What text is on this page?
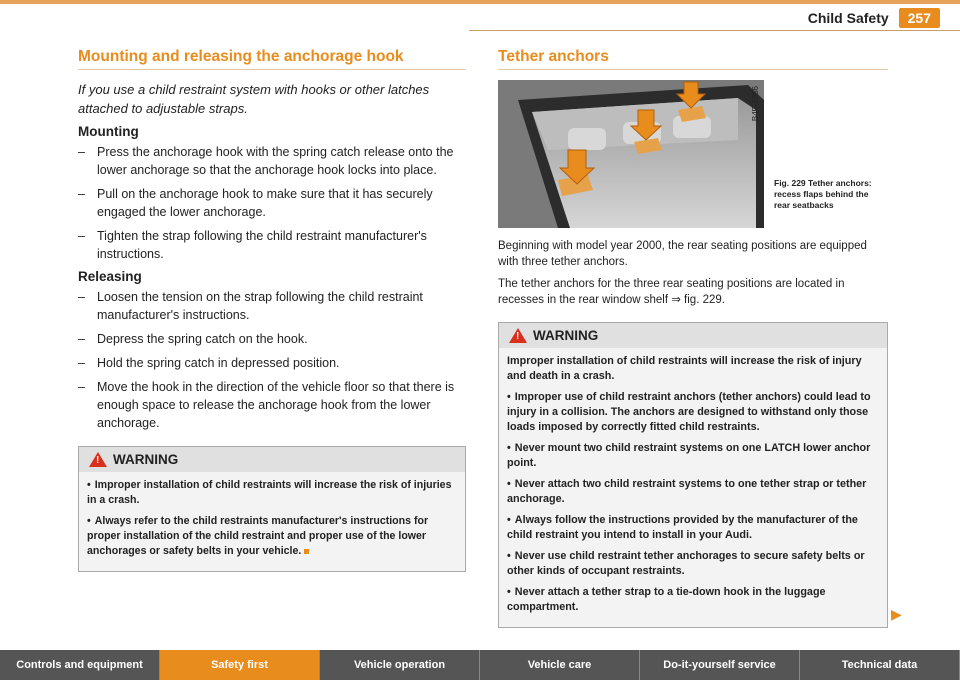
Child Safety	257
Mounting and releasing the anchorage hook

If you use a child restraint system with hooks or other latches attached to adjustable straps.

Mounting
– Press the anchorage hook with the spring catch release onto the lower anchorage so that the anchorage hook locks into place.
– Pull on the anchorage hook to make sure that it has securely engaged the lower anchorage.
– Tighten the strap following the child restraint manufacturer's instructions.
Releasing
– Loosen the tension on the strap following the child restraint manufacturer's instructions.
– Depress the spring catch on the hook.
– Hold the spring catch in depressed position.
– Move the hook in the direction of the vehicle floor so that there is enough space to release the anchorage hook from the lower anchorage.
! WARNING

• Improper installation of child restraints will increase the risk of injuries in a crash.

• Always refer to the child restraints manufacturer's instructions for proper installation of the child restraint and proper use of the lower anchorages or safety belts in your vehicle.

Tether anchors
B4F-2356
Fig. 229 Tether anchors: recess flaps behind the rear seatbacks

Beginning with model year 2000, the rear seating positions are equipped with three tether anchors.

The tether anchors for the three rear seating positions are located in recesses in the rear window shelf ⇒ fig. 229.

! WARNING

Improper installation of child restraints will increase the risk of injury and death in a crash.

• Improper use of child restraint anchors (tether anchors) could lead to injury in a collision. The anchors are designed to withstand only those loads imposed by correctly fitted child restraints.

• Never mount two child restraint systems on one LATCH lower anchor point.

• Never attach two child restraint systems to one tether strap or tether anchorage.

• Always follow the instructions provided by the manufacturer of the child restraint you intend to install in your Audi.

• Never use child restraint tether anchorages to secure safety belts or other kinds of occupant restraints.

• Never attach a tether strap to a tie-down hook in the luggage compartment.	▶
Controls and equipment	Safety first	Vehicle operation	Vehicle care	Do-it-yourself service	Technical data
